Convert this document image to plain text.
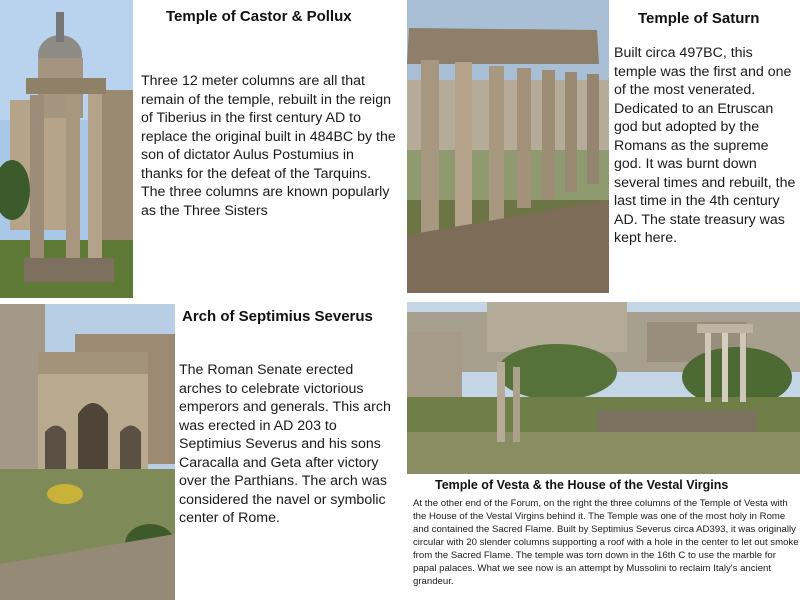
Temple of Castor & Pollux
Three 12 meter columns are all that remain of the temple, rebuilt in the reign of Tiberius in the first century AD to replace the original built in 484BC by the son of dictator Aulus Postumius in thanks for the defeat of the Tarquins. The three columns are known popularly as the Three Sisters
Temple of Saturn
Built circa 497BC, this temple was the first and one of the most venerated. Dedicated to an Etruscan god but adopted by the Romans as the supreme god. It was burnt down several times and rebuilt, the last time in the 4th century AD. The state treasury was kept here.
Arch of Septimius Severus
The Roman Senate erected arches to celebrate victorious emperors and generals. This arch was erected in AD 203 to Septimius Severus and his sons Caracalla and Geta after victory over the Parthians. The arch was considered the navel or symbolic center of Rome.
Temple of Vesta & the House of the Vestal Virgins
At the other end of the Forum, on the right the three columns of the Temple of Vesta with the House of the Vestal Virgins behind it. The Temple was one of the most holy in Rome and contained the Sacred Flame. Built by Septimius Severus circa AD393, it was originally circular with 20 slender columns supporting a roof with a hole in the center to let out smoke from the Sacred Flame. The temple was torn down in the 16th C to use the marble for papal palaces. What we see now is an attempt by Mussolini to reclaim Italy's ancient grandeur.
